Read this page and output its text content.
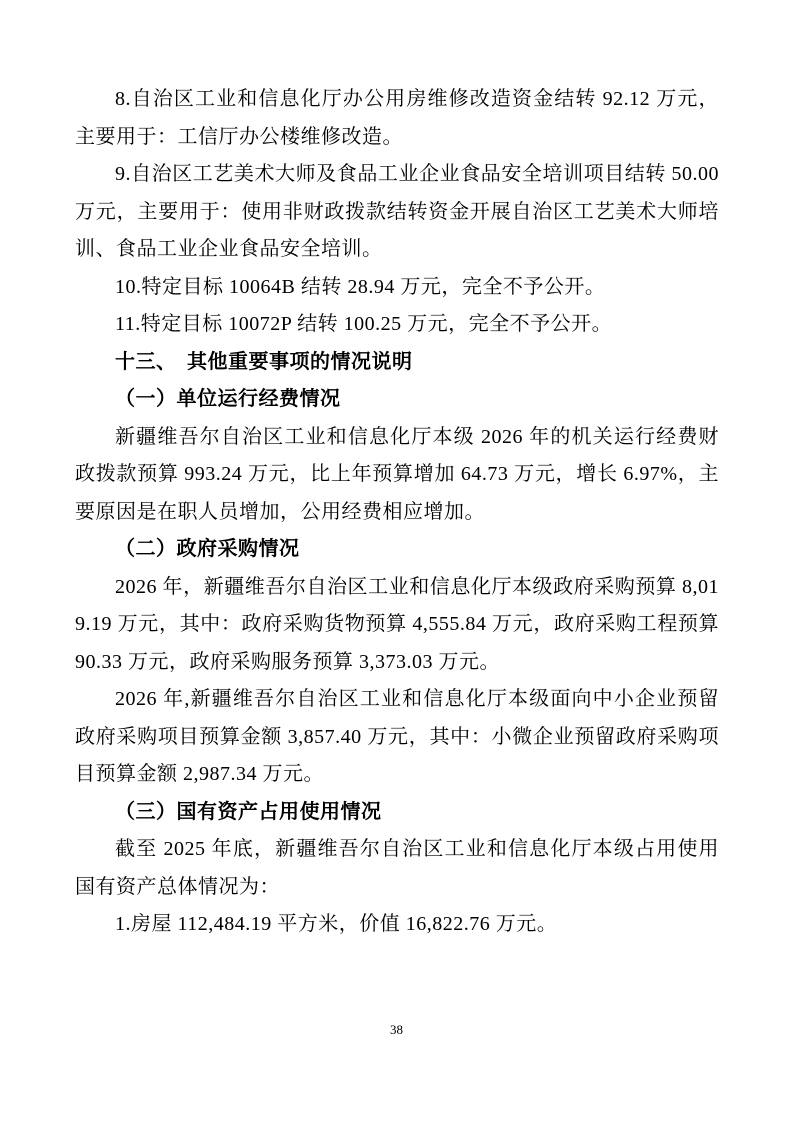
8.自治区工业和信息化厅办公用房维修改造资金结转 92.12 万元，主要用于：工信厅办公楼维修改造。

9.自治区工艺美术大师及食品工业企业食品安全培训项目结转 50.00 万元，主要用于：使用非财政拨款结转资金开展自治区工艺美术大师培训、食品工业企业食品安全培训。

10.特定目标 10064B 结转 28.94 万元，完全不予公开。

11.特定目标 10072P 结转 100.25 万元，完全不予公开。

十三、　其他重要事项的情况说明

（一）单位运行经费情况

新疆维吾尔自治区工业和信息化厅本级 2026 年的机关运行经费财政拨款预算 993.24 万元，比上年预算增加 64.73 万元，增长 6.97%，主要原因是在职人员增加，公用经费相应增加。

（二）政府采购情况

2026 年，新疆维吾尔自治区工业和信息化厅本级政府采购预算 8,019.19 万元，其中：政府采购货物预算 4,555.84 万元，政府采购工程预算 90.33 万元，政府采购服务预算 3,373.03 万元。

2026 年,新疆维吾尔自治区工业和信息化厅本级面向中小企业预留政府采购项目预算金额 3,857.40 万元，其中：小微企业预留政府采购项目预算金额 2,987.34 万元。

（三）国有资产占用使用情况

截至 2025 年底，新疆维吾尔自治区工业和信息化厅本级占用使用国有资产总体情况为：

1.房屋 112,484.19 平方米，价值 16,822.76 万元。

38
